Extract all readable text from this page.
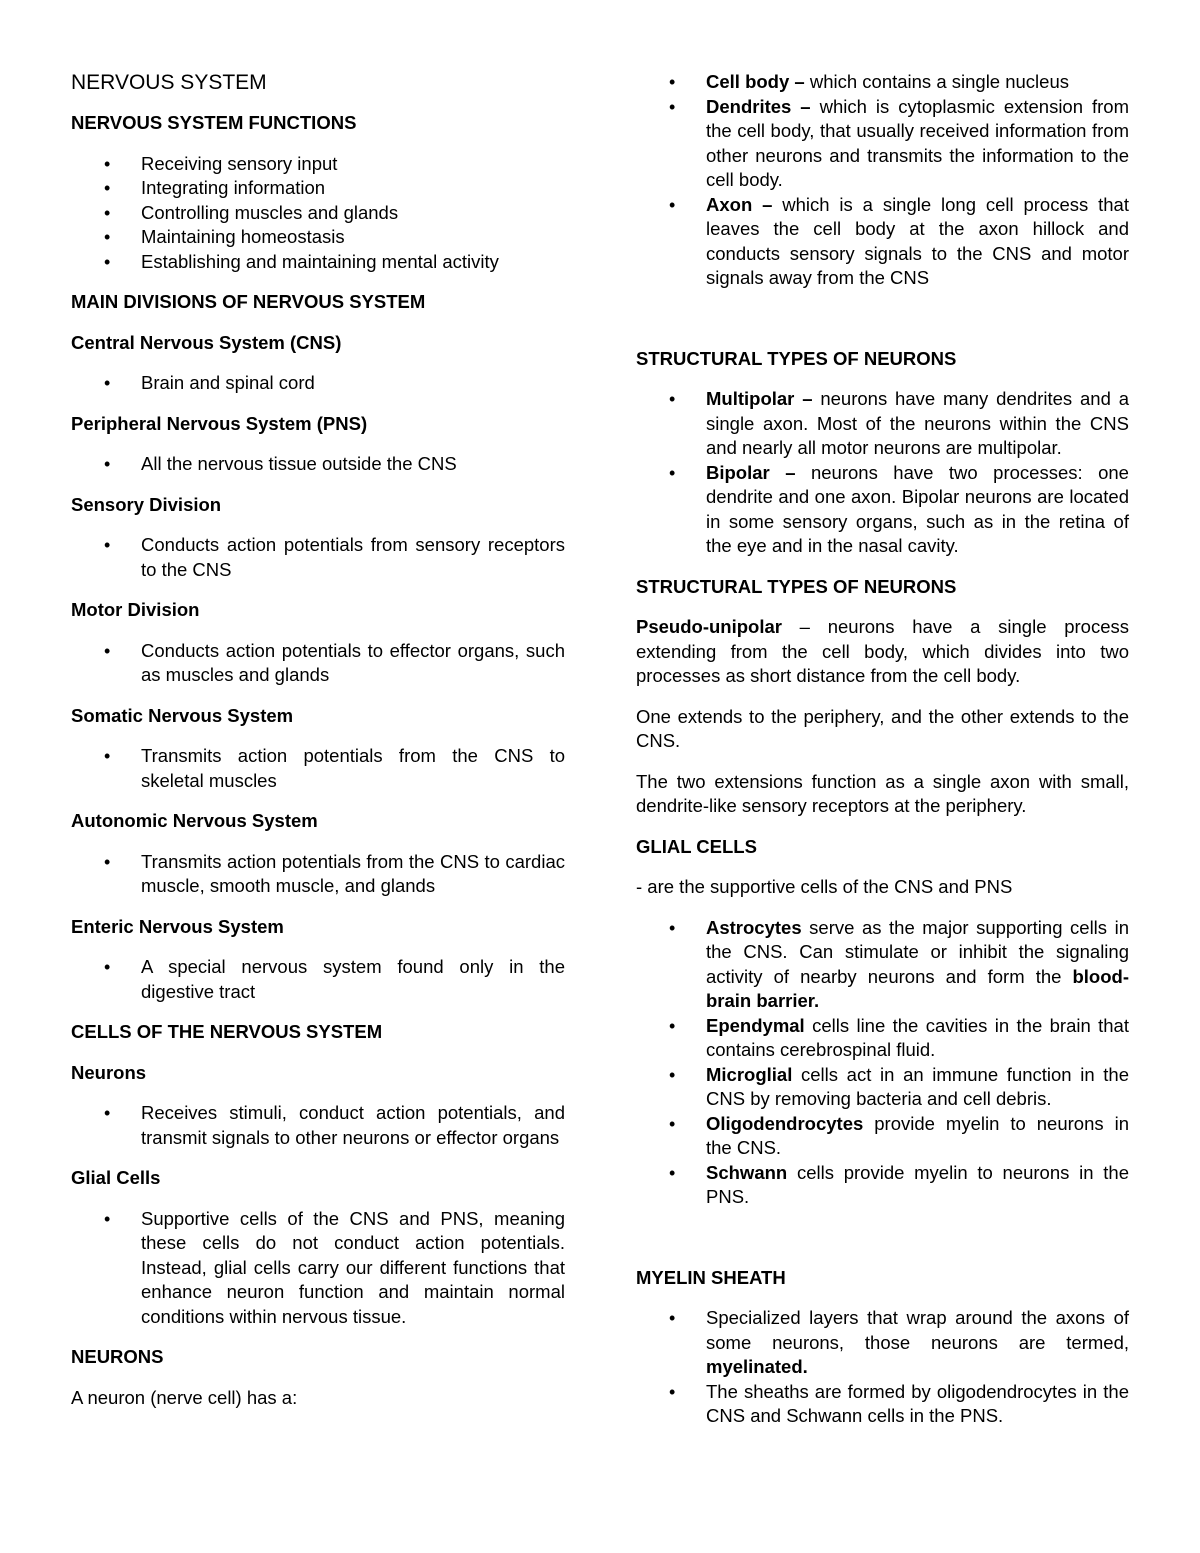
NERVOUS SYSTEM
NERVOUS SYSTEM FUNCTIONS
• Receiving sensory input
• Integrating information
• Controlling muscles and glands
• Maintaining homeostasis
• Establishing and maintaining mental activity
MAIN DIVISIONS OF NERVOUS SYSTEM
Central Nervous System (CNS)
• Brain and spinal cord
Peripheral Nervous System (PNS)
• All the nervous tissue outside the CNS
Sensory Division
• Conducts action potentials from sensory receptors to the CNS
Motor Division
• Conducts action potentials to effector organs, such as muscles and glands
Somatic Nervous System
• Transmits action potentials from the CNS to skeletal muscles
Autonomic Nervous System
• Transmits action potentials from the CNS to cardiac muscle, smooth muscle, and glands
Enteric Nervous System
• A special nervous system found only in the digestive tract
CELLS OF THE NERVOUS SYSTEM
Neurons
• Receives stimuli, conduct action potentials, and transmit signals to other neurons or effector organs
Glial Cells
• Supportive cells of the CNS and PNS, meaning these cells do not conduct action potentials. Instead, glial cells carry our different functions that enhance neuron function and maintain normal conditions within nervous tissue.
NEURONS

A neuron (nerve cell) has a:

• Cell body – which contains a single nucleus
• Dendrites – which is cytoplasmic extension from the cell body, that usually received information from other neurons and transmits the information to the cell body.
• Axon – which is a single long cell process that leaves the cell body at the axon hillock and conducts sensory signals to the CNS and motor signals away from the CNS
STRUCTURAL TYPES OF NEURONS
• Multipolar – neurons have many dendrites and a single axon. Most of the neurons within the CNS and nearly all motor neurons are multipolar.
• Bipolar – neurons have two processes: one dendrite and one axon. Bipolar neurons are located in some sensory organs, such as in the retina of the eye and in the nasal cavity.
STRUCTURAL TYPES OF NEURONS

Pseudo-unipolar – neurons have a single process extending from the cell body, which divides into two processes as short distance from the cell body.

One extends to the periphery, and the other extends to the CNS.

The two extensions function as a single axon with small, dendrite-like sensory receptors at the periphery.

GLIAL CELLS

- are the supportive cells of the CNS and PNS

• Astrocytes serve as the major supporting cells in the CNS. Can stimulate or inhibit the signaling activity of nearby neurons and form the blood-brain barrier.
• Ependymal cells line the cavities in the brain that contains cerebrospinal fluid.
• Microglial cells act in an immune function in the CNS by removing bacteria and cell debris.
• Oligodendrocytes provide myelin to neurons in the CNS.
• Schwann cells provide myelin to neurons in the PNS.
MYELIN SHEATH
• Specialized layers that wrap around the axons of some neurons, those neurons are termed, myelinated.
• The sheaths are formed by oligodendrocytes in the CNS and Schwann cells in the PNS.
